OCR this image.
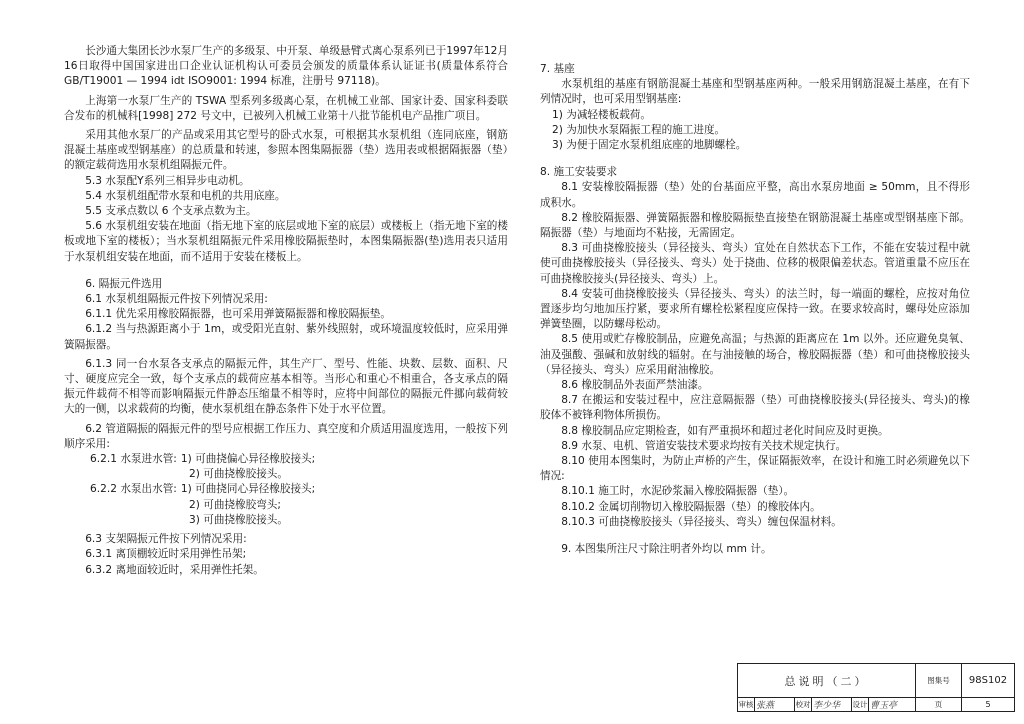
长沙通大集团长沙水泵厂生产的多级泵、中开泵、单级悬臂式离心泵系列已于1997年12月16日取得中国国家进出口企业认证机构认可委员会颁发的质量体系认证证书(质量体系符合 GB/T19001 — 1994 idt ISO9001: 1994 标准，注册号 97118)。

上海第一水泵厂生产的 TSWA 型系列多级离心泵，在机械工业部、国家计委、国家科委联合发布的机械科[1998] 272 号文中，已被列入机械工业第十八批节能机电产品推广项目。

采用其他水泵厂的产品或采用其它型号的卧式水泵，可根据其水泵机组（连同底座，钢筋混凝土基座或型钢基座）的总质量和转速，参照本图集隔振器（垫）选用表或根据隔振器（垫）的额定载荷选用水泵机组隔振元件。

5.3 水泵配Y系列三相异步电动机。

5.4 水泵机组配带水泵和电机的共用底座。

5.5 支承点数以 6 个支承点数为主。

5.6 水泵机组安装在地面（指无地下室的底层或地下室的底层）或楼板上（指无地下室的楼板或地下室的楼板）；当水泵机组隔振元件采用橡胶隔振垫时，本图集隔振器(垫)选用表只适用于水泵机组安装在地面，而不适用于安装在楼板上。

6. 隔振元件选用

6.1 水泵机组隔振元件按下列情况采用:

6.1.1 优先采用橡胶隔振器，也可采用弹簧隔振器和橡胶隔振垫。

6.1.2 当与热源距离小于 1m，或受阳光直射、紫外线照射，或环境温度较低时，应采用弹簧隔振器。

6.1.3 同一台水泵各支承点的隔振元件，其生产厂、型号、性能、块数、层数、面积、尺寸、硬度应完全一致，每个支承点的载荷应基本相等。当形心和重心不相重合，各支承点的隔振元件载荷不相等而影响隔振元件静态压缩量不相等时，应将中间部位的隔振元件挪向载荷较大的一侧，以求载荷的均衡，使水泵机组在静态条件下处于水平位置。

6.2 管道隔振的隔振元件的型号应根据工作压力、真空度和介质适用温度选用，一般按下列顺序采用:

6.2.1 水泵进水管: 1) 可曲挠偏心异径橡胶接头;

2) 可曲挠橡胶接头。

6.2.2 水泵出水管: 1) 可曲挠同心异径橡胶接头;

2) 可曲挠橡胶弯头;

3) 可曲挠橡胶接头。

6.3 支架隔振元件按下列情况采用:

6.3.1 离顶棚较近时采用弹性吊架;

6.3.2 离地面较近时，采用弹性托架。

7. 基座

水泵机组的基座有钢筋混凝土基座和型钢基座两种。一般采用钢筋混凝土基座，在有下列情况时，也可采用型钢基座:

1) 为减轻楼板载荷。

2) 为加快水泵隔振工程的施工进度。

3) 为便于固定水泵机组底座的地脚螺栓。

8. 施工安装要求

8.1 安装橡胶隔振器（垫）处的台基面应平整，高出水泵房地面 ≥ 50mm，且不得形成积水。

8.2 橡胶隔振器、弹簧隔振器和橡胶隔振垫直接垫在钢筋混凝土基座或型钢基座下部。隔振器（垫）与地面均不粘接，无需固定。

8.3 可曲挠橡胶接头（异径接头、弯头）宜处在自然状态下工作，不能在安装过程中就使可曲挠橡胶接头（异径接头、弯头）处于挠曲、位移的极限偏差状态。管道重量不应压在可曲挠橡胶接头(异径接头、弯头）上。

8.4 安装可曲挠橡胶接头（异径接头、弯头）的法兰时，每一端面的螺栓，应按对角位置逐步均匀地加压拧紧，要求所有螺栓松紧程度应保持一致。在要求较高时，螺母处应添加弹簧垫圈，以防螺母松动。

8.5 使用或贮存橡胶制品，应避免高温；与热源的距离应在 1m 以外。还应避免臭氧、油及强酸、强碱和放射线的辐射。在与油接触的场合，橡胶隔振器（垫）和可曲挠橡胶接头（异径接头、弯头）应采用耐油橡胶。

8.6 橡胶制品外表面严禁油漆。

8.7 在搬运和安装过程中，应注意隔振器（垫）可曲挠橡胶接头(异径接头、弯头)的橡胶体不被锋利物体所损伤。

8.8 橡胶制品应定期检查，如有严重损坏和超过老化时间应及时更换。

8.9 水泵、电机、管道安装技术要求均按有关技术规定执行。

8.10 使用本图集时，为防止声桥的产生，保证隔振效率，在设计和施工时必须避免以下情况:

8.10.1 施工时，水泥砂浆漏入橡胶隔振器（垫）。

8.10.2 金属切削物切入橡胶隔振器（垫）的橡胶体内。

8.10.3 可曲挠橡胶接头（异径接头、弯头）缠包保温材料。

9. 本图集所注尺寸除注明者外均以 mm 计。

总说明（二）	图集号	98S102
审核 张燕	校对 李少华	设计 曹玉亭	页	5
